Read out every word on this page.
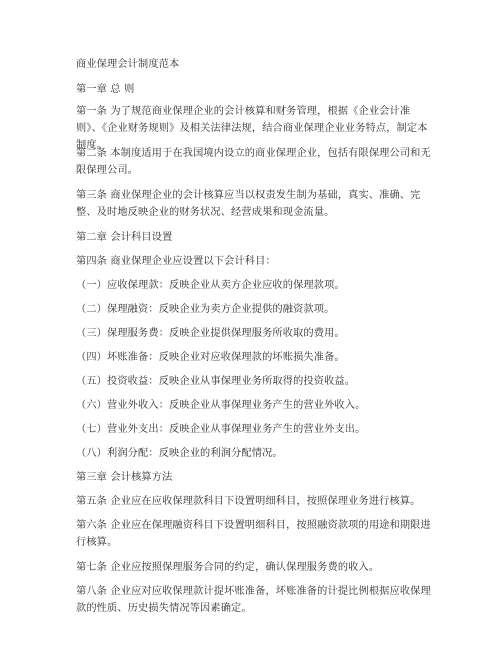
商业保理会计制度范本
第一章 总 则
第一条 为了规范商业保理企业的会计核算和财务管理，根据《企业会计准则》、《企业财务规则》及相关法律法规，结合商业保理企业业务特点，制定本制度。
第二条 本制度适用于在我国境内设立的商业保理企业，包括有限保理公司和无限保理公司。
第三条 商业保理企业的会计核算应当以权责发生制为基础，真实、准确、完整、及时地反映企业的财务状况、经营成果和现金流量。
第二章 会计科目设置
第四条 商业保理企业应设置以下会计科目：
（一）应收保理款：反映企业从卖方企业应收的保理款项。
（二）保理融资：反映企业为卖方企业提供的融资款项。
（三）保理服务费：反映企业提供保理服务所收取的费用。
（四）坏账准备：反映企业对应收保理款的坏账损失准备。
（五）投资收益：反映企业从事保理业务所取得的投资收益。
（六）营业外收入：反映企业从事保理业务产生的营业外收入。
（七）营业外支出：反映企业从事保理业务产生的营业外支出。
（八）利润分配：反映企业的利润分配情况。
第三章 会计核算方法
第五条 企业应在应收保理款科目下设置明细科目，按照保理业务进行核算。
第六条 企业应在保理融资科目下设置明细科目，按照融资款项的用途和期限进行核算。
第七条 企业应按照保理服务合同的约定，确认保理服务费的收入。
第八条 企业应对应收保理款计提坏账准备，坏账准备的计提比例根据应收保理款的性质、历史损失情况等因素确定。
